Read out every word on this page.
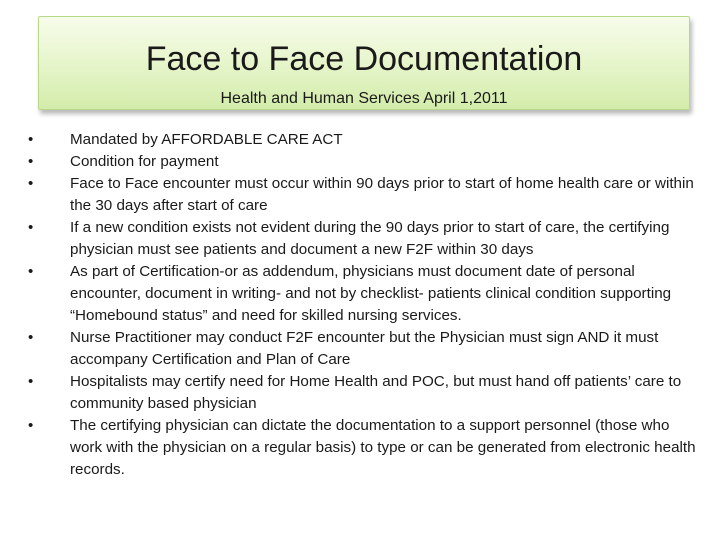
Face to Face Documentation
Health and Human Services April 1,2011
•	Mandated by AFFORDABLE CARE ACT
•	Condition for payment
•	Face to Face encounter must occur within 90 days prior to start of home health care or within the 30 days after start of care
•	If a new condition exists not evident during the 90 days prior to start of care, the certifying physician must see patients and document a new F2F within 30 days
•	As part of Certification-or as addendum, physicians must document date of personal encounter, document in writing- and not by checklist- patients clinical condition supporting “Homebound status” and need for skilled nursing services.
•	Nurse Practitioner may conduct F2F encounter but the Physician must sign AND it must accompany Certification and Plan of Care
•	Hospitalists may certify need for Home Health and POC, but must hand off patients’ care to community based physician
•	The certifying physician can dictate the documentation to a support personnel (those who work with the physician on a regular basis) to type or can be generated from electronic health records.
